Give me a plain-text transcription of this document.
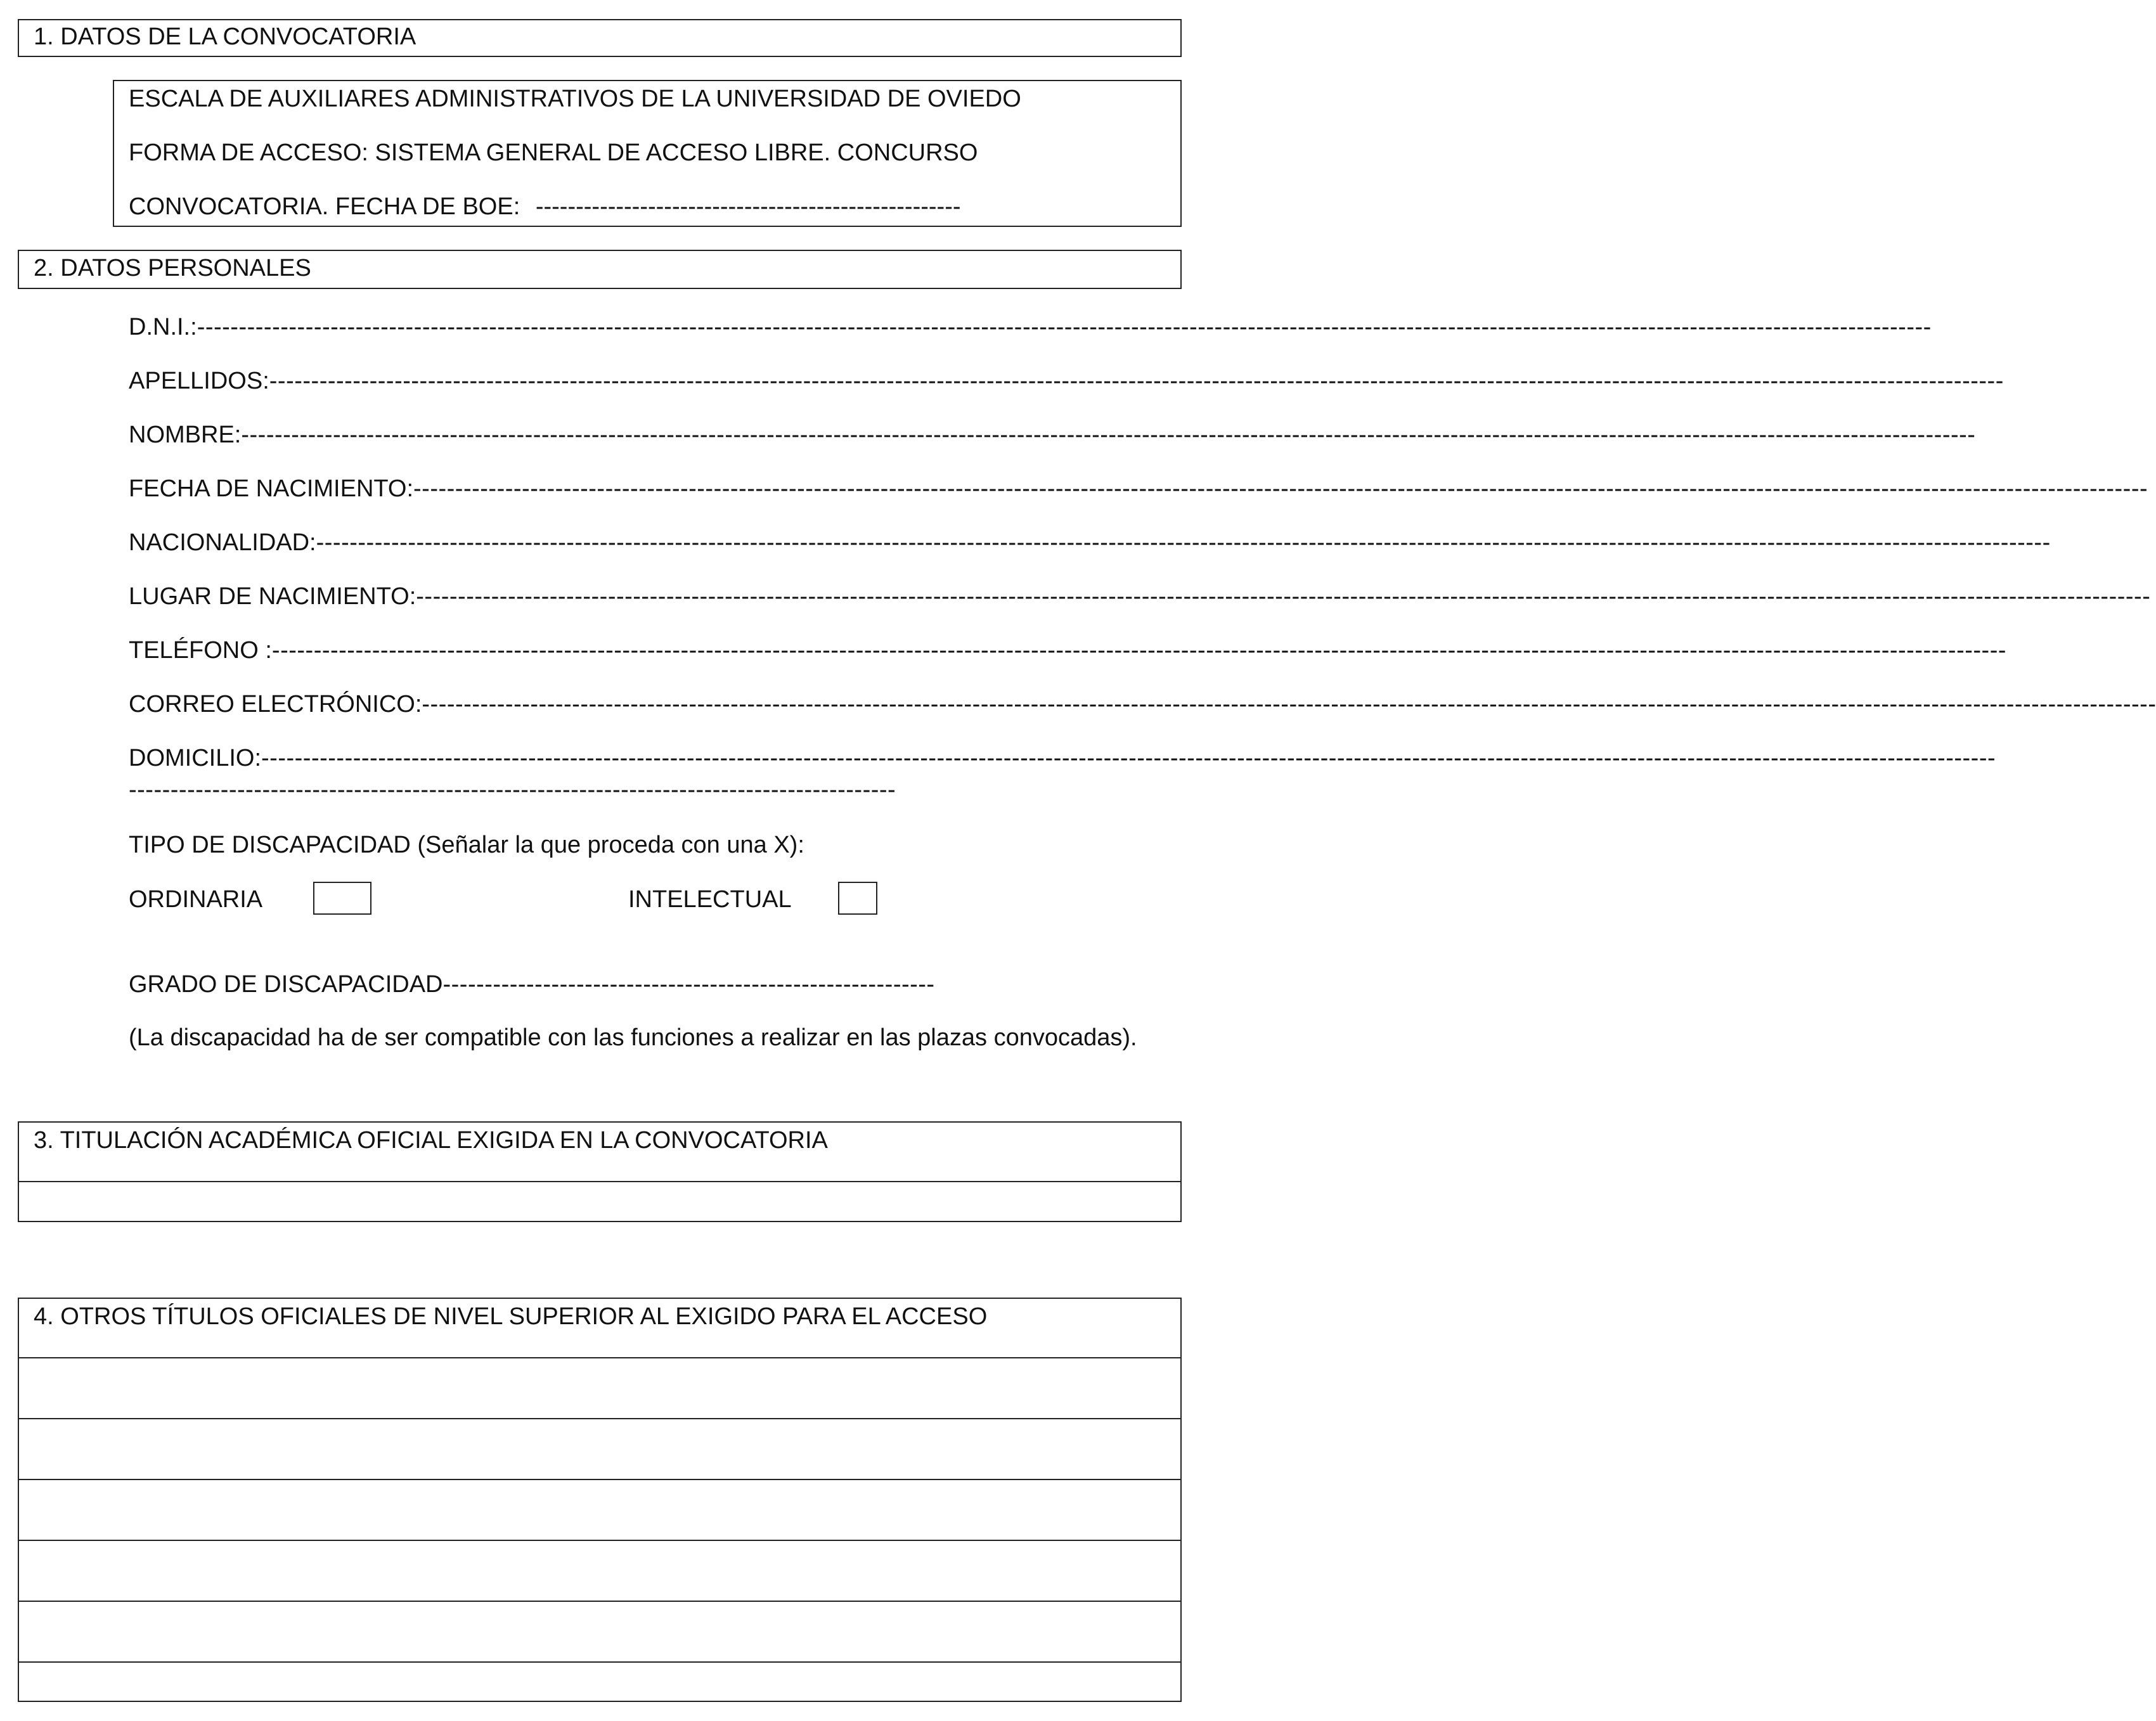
1. DATOS DE LA CONVOCATORIA
ESCALA DE AUXILIARES ADMINISTRATIVOS DE LA UNIVERSIDAD DE OVIEDO
FORMA DE ACCESO: SISTEMA GENERAL DE ACCESO LIBRE. CONCURSO
CONVOCATORIA. FECHA DE BOE: -----------------------------------------------------
2. DATOS PERSONALES
D.N.I.: ----------------------------------------------------------------------------------------------------------------------------------------------------------------------------------------------------------------
APELLIDOS: ----------------------------------------------------------------------------------------------------------------------------------------------------------------------------------------------------------------
NOMBRE: ----------------------------------------------------------------------------------------------------------------------------------------------------------------------------------------------------------------
FECHA DE NACIMIENTO: ----------------------------------------------------------------------------------------------------------------------------------------------------------------------------------------------------------------
NACIONALIDAD: ----------------------------------------------------------------------------------------------------------------------------------------------------------------------------------------------------------------
LUGAR DE NACIMIENTO: ----------------------------------------------------------------------------------------------------------------------------------------------------------------------------------------------------------------
TELÉFONO : ----------------------------------------------------------------------------------------------------------------------------------------------------------------------------------------------------------------
CORREO ELECTRÓNICO: ----------------------------------------------------------------------------------------------------------------------------------------------------------------------------------------------------------------
DOMICILIO: ----------------------------------------------------------------------------------------------------------------------------------------------------------------------------------------------------------------
--------------------------------------------------------------------------------------------
TIPO DE DISCAPACIDAD (Señalar la que proceda con una X):
ORDINARIA	INTELECTUAL
GRADO DE DISCAPACIDAD-----------------------------------------------------------
(La discapacidad ha de ser compatible con las funciones a realizar en las plazas convocadas).
3. TITULACIÓN ACADÉMICA OFICIAL EXIGIDA EN LA CONVOCATORIA
4. OTROS TÍTULOS OFICIALES DE NIVEL SUPERIOR AL EXIGIDO PARA EL ACCESO
